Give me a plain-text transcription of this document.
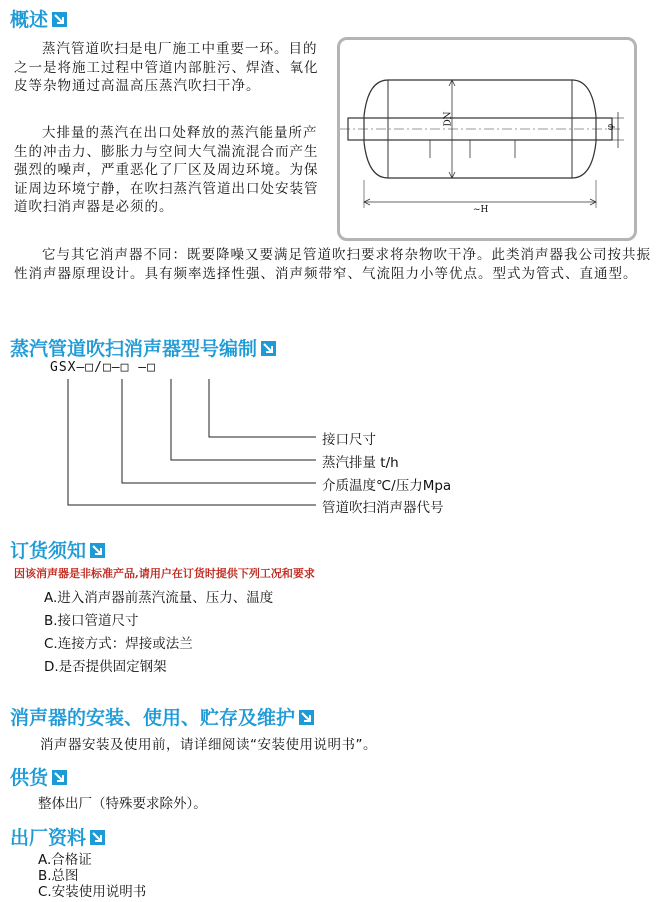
概述

蒸汽管道吹扫是电厂施工中重要一环。目的之一是将施工过程中管道内部脏污、焊渣、氧化皮等杂物通过高温高压蒸汽吹扫干净。

大排量的蒸汽在出口处释放的蒸汽能量所产生的冲击力、膨胀力与空间大气湍流混合而产生强烈的噪声，严重恶化了厂区及周边环境。为保证周边环境宁静，在吹扫蒸汽管道出口处安装管道吹扫消声器是必须的。

它与其它消声器不同：既要降噪又要满足管道吹扫要求将杂物吹干净。此类消声器我公司按共振性消声器原理设计。具有频率选择性强、消声频带窄、气流阻力小等优点。型式为管式、直通型。

DN
φ
~H
蒸汽管道吹扫消声器型号编制
GSX—□/□—□ —□
接口尺寸
蒸汽排量 t/h
介质温度℃/压力Mpa
管道吹扫消声器代号
订货须知
因该消声器是非标准产品,请用户在订货时提供下列工况和要求

A.进入消声器前蒸汽流量、压力、温度

B.接口管道尺寸

C.连接方式：焊接或法兰

D.是否提供固定钢架

消声器的安装、使用、贮存及维护

消声器安装及使用前，请详细阅读“安装使用说明书”。

供货

整体出厂（特殊要求除外）。

出厂资料

A.合格证

B.总图

C.安装使用说明书
